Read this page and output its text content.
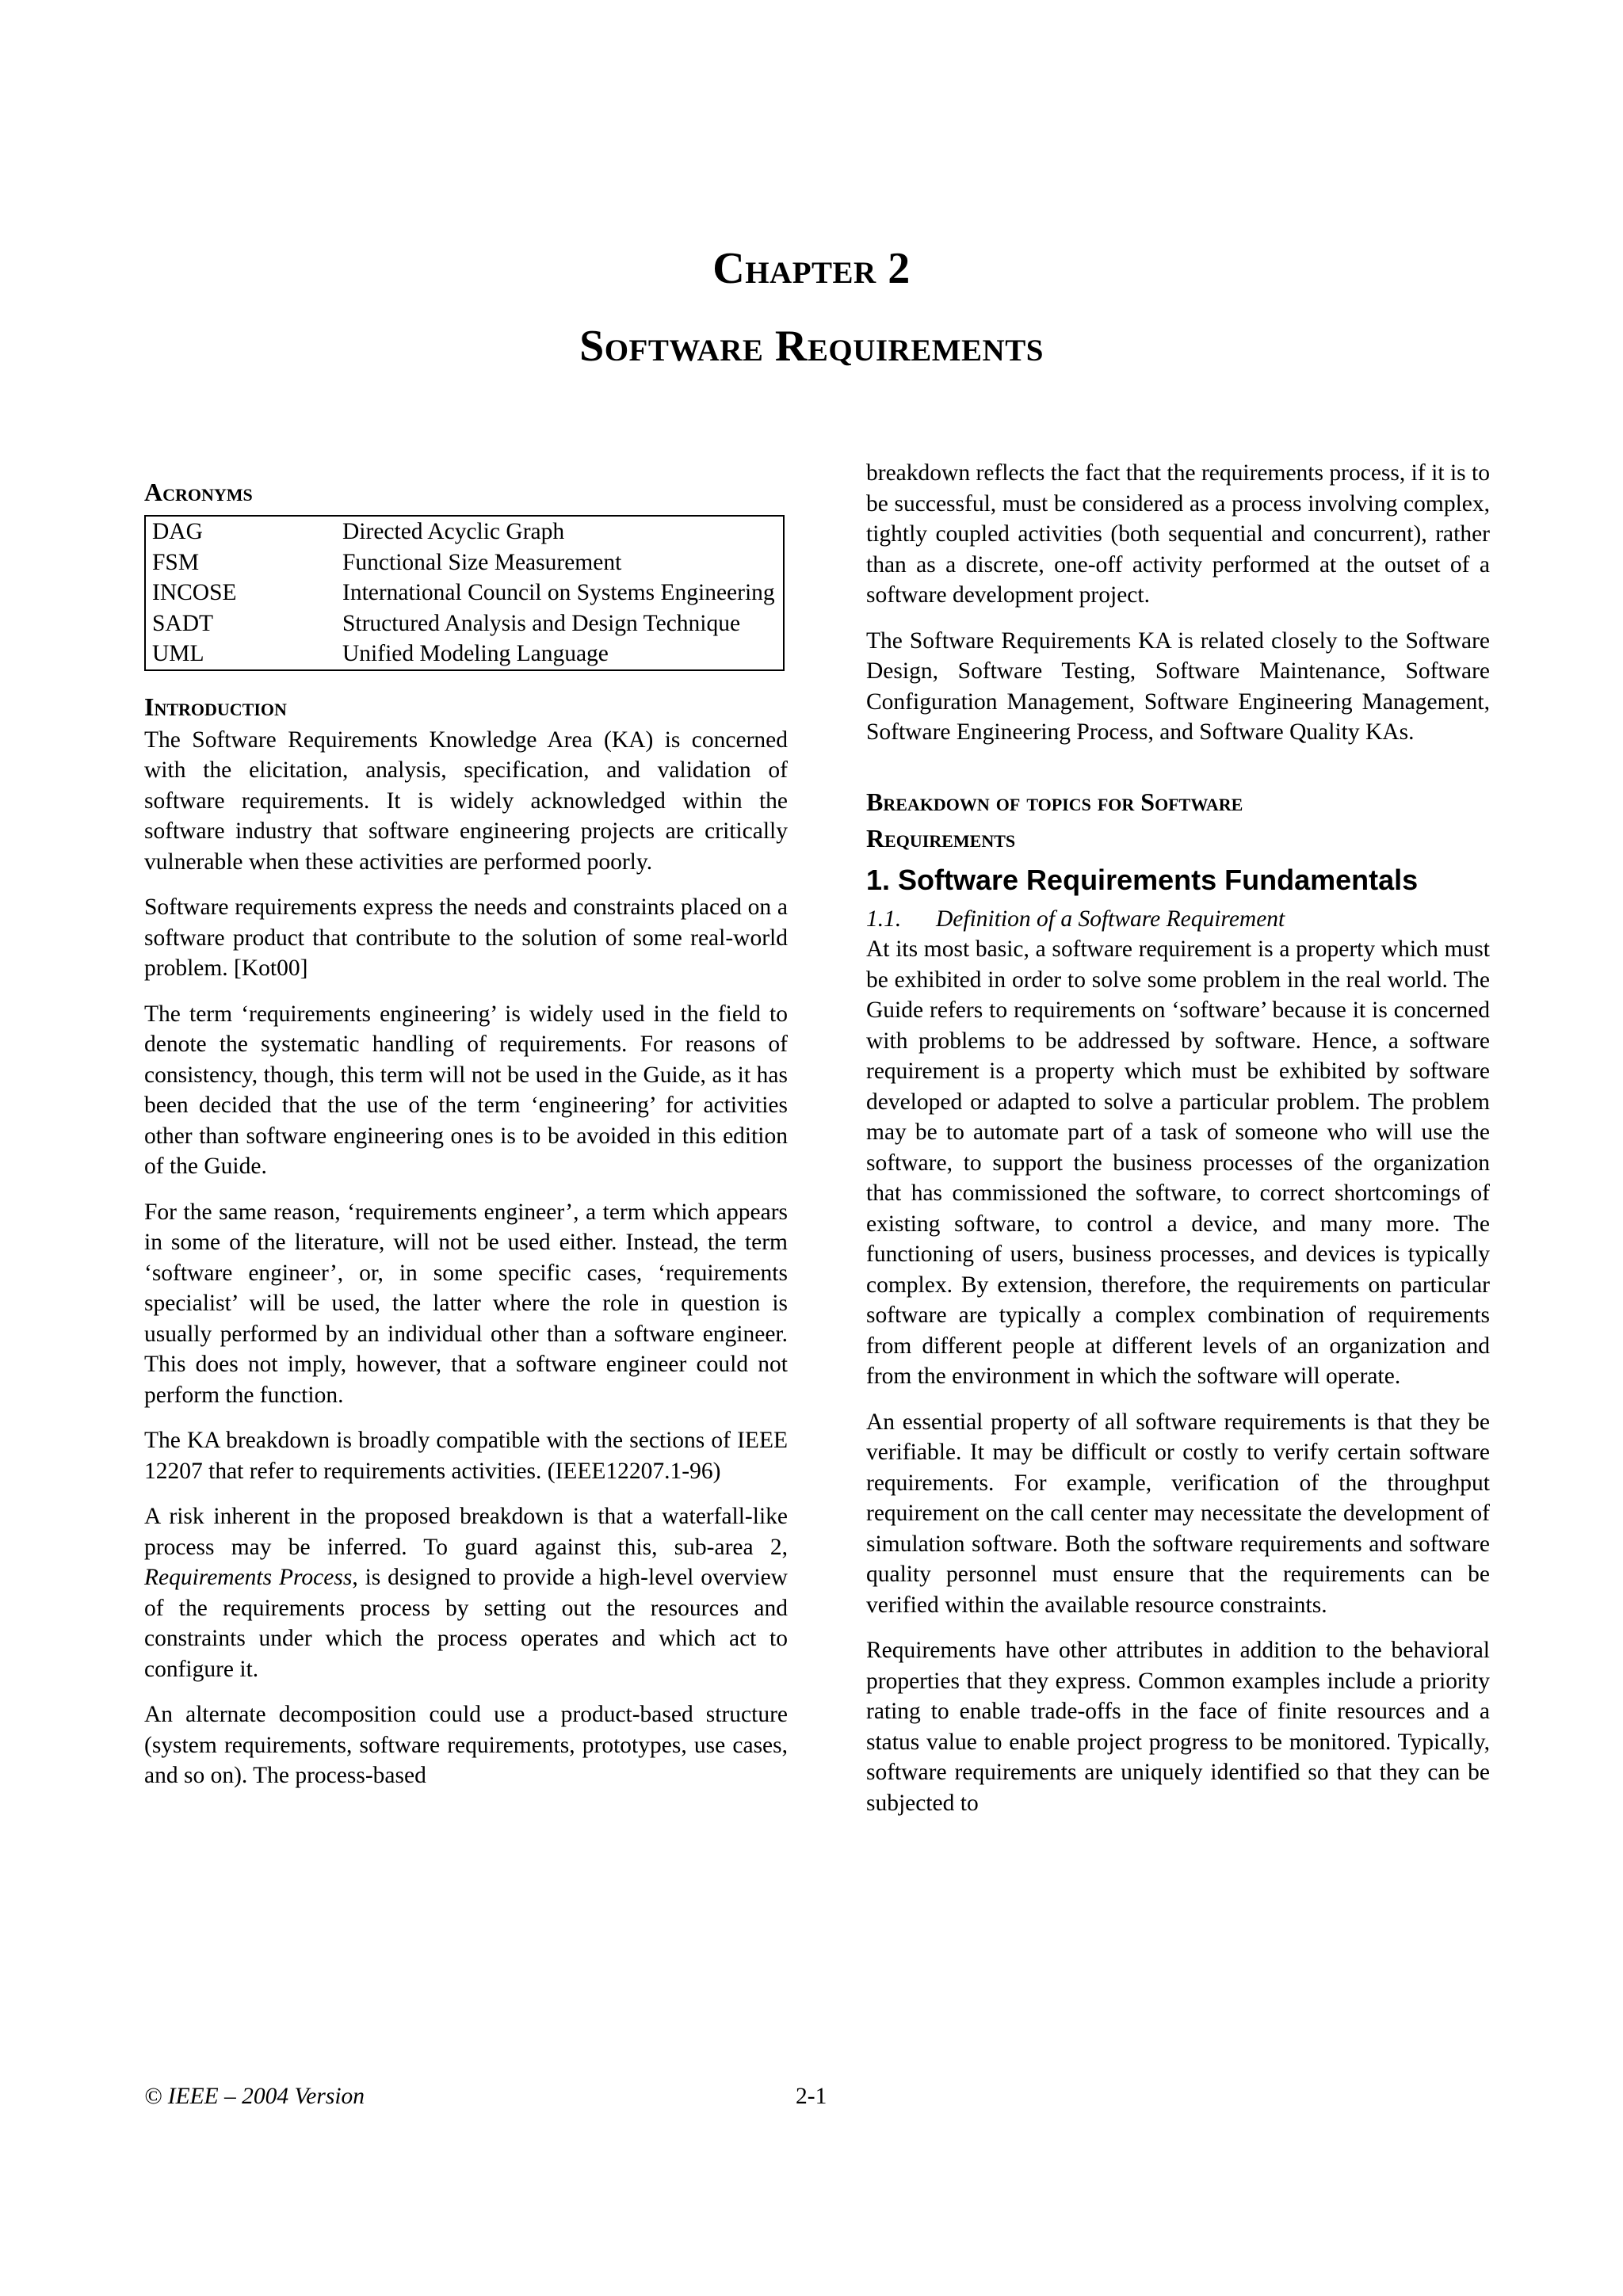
Chapter 2
Software Requirements
Acronyms
DAG	Directed Acyclic Graph
FSM	Functional Size Measurement
INCOSE	International Council on Systems Engineering
SADT	Structured Analysis and Design Technique
UML	Unified Modeling Language
Introduction

The Software Requirements Knowledge Area (KA) is concerned with the elicitation, analysis, specification, and validation of software requirements. It is widely acknowledged within the software industry that software engineering projects are critically vulnerable when these activities are performed poorly.

Software requirements express the needs and constraints placed on a software product that contribute to the solution of some real-world problem. [Kot00]

The term ‘requirements engineering’ is widely used in the field to denote the systematic handling of requirements. For reasons of consistency, though, this term will not be used in the Guide, as it has been decided that the use of the term ‘engineering’ for activities other than software engineering ones is to be avoided in this edition of the Guide.

For the same reason, ‘requirements engineer’, a term which appears in some of the literature, will not be used either. Instead, the term ‘software engineer’, or, in some specific cases, ‘requirements specialist’ will be used, the latter where the role in question is usually performed by an individual other than a software engineer. This does not imply, however, that a software engineer could not perform the function.

The KA breakdown is broadly compatible with the sections of IEEE 12207 that refer to requirements activities. (IEEE12207.1-96)

A risk inherent in the proposed breakdown is that a waterfall-like process may be inferred. To guard against this, sub-area 2, Requirements Process, is designed to provide a high-level overview of the requirements process by setting out the resources and constraints under which the process operates and which act to configure it.

An alternate decomposition could use a product-based structure (system requirements, software requirements, prototypes, use cases, and so on). The process-based

breakdown reflects the fact that the requirements process, if it is to be successful, must be considered as a process involving complex, tightly coupled activities (both sequential and concurrent), rather than as a discrete, one-off activity performed at the outset of a software development project.

The Software Requirements KA is related closely to the Software Design, Software Testing, Software Maintenance, Software Configuration Management, Software Engineering Management, Software Engineering Process, and Software Quality KAs.

Breakdown of topics for Software
Requirements
1. Software Requirements Fundamentals
1.1. Definition of a Software Requirement

At its most basic, a software requirement is a property which must be exhibited in order to solve some problem in the real world. The Guide refers to requirements on ‘software’ because it is concerned with problems to be addressed by software. Hence, a software requirement is a property which must be exhibited by software developed or adapted to solve a particular problem. The problem may be to automate part of a task of someone who will use the software, to support the business processes of the organization that has commissioned the software, to correct shortcomings of existing software, to control a device, and many more. The functioning of users, business processes, and devices is typically complex. By extension, therefore, the requirements on particular software are typically a complex combination of requirements from different people at different levels of an organization and from the environment in which the software will operate.

An essential property of all software requirements is that they be verifiable. It may be difficult or costly to verify certain software requirements. For example, verification of the throughput requirement on the call center may necessitate the development of simulation software. Both the software requirements and software quality personnel must ensure that the requirements can be verified within the available resource constraints.

Requirements have other attributes in addition to the behavioral properties that they express. Common examples include a priority rating to enable trade-offs in the face of finite resources and a status value to enable project progress to be monitored. Typically, software requirements are uniquely identified so that they can be subjected to

© IEEE – 2004 Version	2-1
